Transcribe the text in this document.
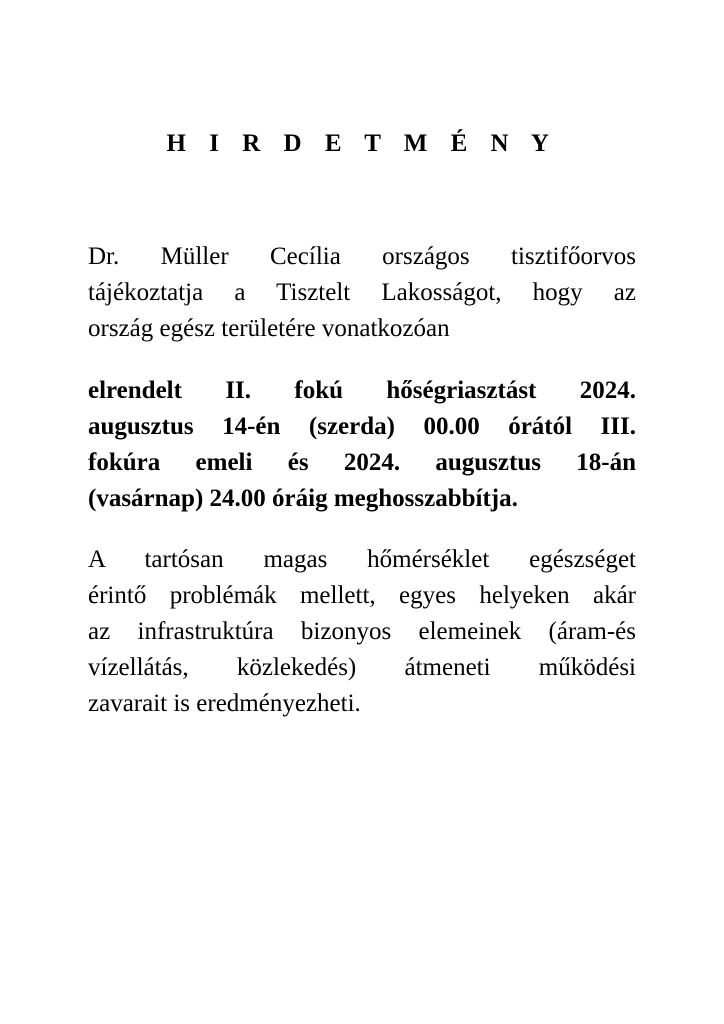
H I R D E T M É N Y

Dr. Müller Cecília országos tisztifőorvos
tájékoztatja a Tisztelt Lakosságot, hogy az
ország egész területére vonatkozóan

elrendelt II. fokú hőségriasztást 2024.
augusztus 14-én (szerda) 00.00 órától III.
fokúra emeli és 2024. augusztus 18-án
(vasárnap) 24.00 óráig meghosszabbítja.

A tartósan magas hőmérséklet egészséget
érintő problémák mellett, egyes helyeken akár
az infrastruktúra bizonyos elemeinek (áram-és
vízellátás, közlekedés) átmeneti működési
zavarait is eredményezheti.
